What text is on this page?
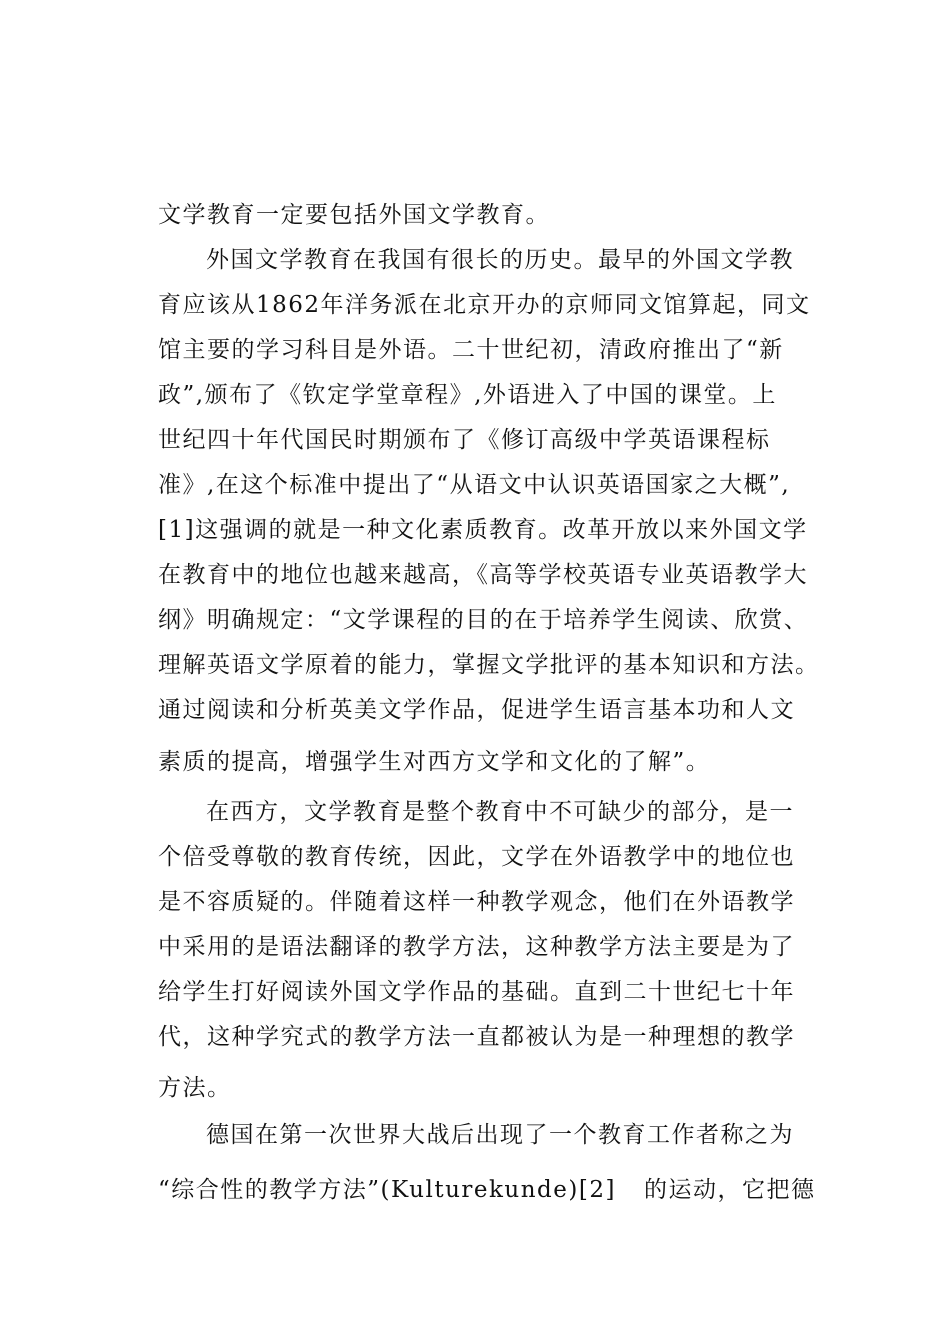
文学教育一定要包括外国文学教育。
外国文学教育在我国有很长的历史。最早的外国文学教
育应该从1862年洋务派在北京开办的京师同文馆算起，同文
馆主要的学习科目是外语。二十世纪初，清政府推出了“新
政”,颁布了《钦定学堂章程》,外语进入了中国的课堂。上
世纪四十年代国民时期颁布了《修订高级中学英语课程标
准》,在这个标准中提出了“从语文中认识英语国家之大概”,
[1]这强调的就是一种文化素质教育。改革开放以来外国文学
在教育中的地位也越来越高，《高等学校英语专业英语教学大
纲》明确规定：“文学课程的目的在于培养学生阅读、欣赏、
理解英语文学原着的能力，掌握文学批评的基本知识和方法。
通过阅读和分析英美文学作品，促进学生语言基本功和人文
素质的提高，增强学生对西方文学和文化的了解”。
在西方，文学教育是整个教育中不可缺少的部分，是一
个倍受尊敬的教育传统，因此，文学在外语教学中的地位也
是不容质疑的。伴随着这样一种教学观念，他们在外语教学
中采用的是语法翻译的教学方法，这种教学方法主要是为了
给学生打好阅读外国文学作品的基础。直到二十世纪七十年
代，这种学究式的教学方法一直都被认为是一种理想的教学
方法。
德国在第一次世界大战后出现了一个教育工作者称之为
“综合性的教学方法”(Kulturekunde)[2] 的运动，它把德
